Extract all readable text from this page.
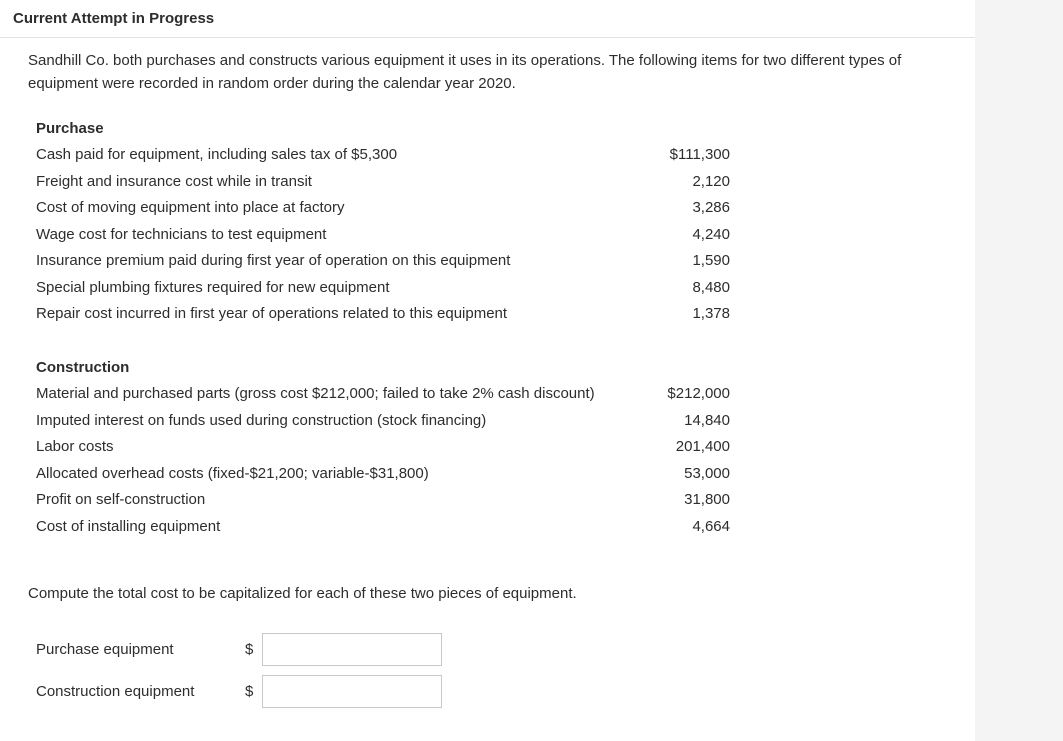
Current Attempt in Progress
Sandhill Co. both purchases and constructs various equipment it uses in its operations. The following items for two different types of equipment were recorded in random order during the calendar year 2020.
Purchase
Cash paid for equipment, including sales tax of $5,300	$111,300
Freight and insurance cost while in transit	2,120
Cost of moving equipment into place at factory	3,286
Wage cost for technicians to test equipment	4,240
Insurance premium paid during first year of operation on this equipment	1,590
Special plumbing fixtures required for new equipment	8,480
Repair cost incurred in first year of operations related to this equipment	1,378
Construction
Material and purchased parts (gross cost $212,000; failed to take 2% cash discount)	$212,000
Imputed interest on funds used during construction (stock financing)	14,840
Labor costs	201,400
Allocated overhead costs (fixed-$21,200; variable-$31,800)	53,000
Profit on self-construction	31,800
Cost of installing equipment	4,664
Compute the total cost to be capitalized for each of these two pieces of equipment.
Purchase equipment	$
Construction equipment	$
